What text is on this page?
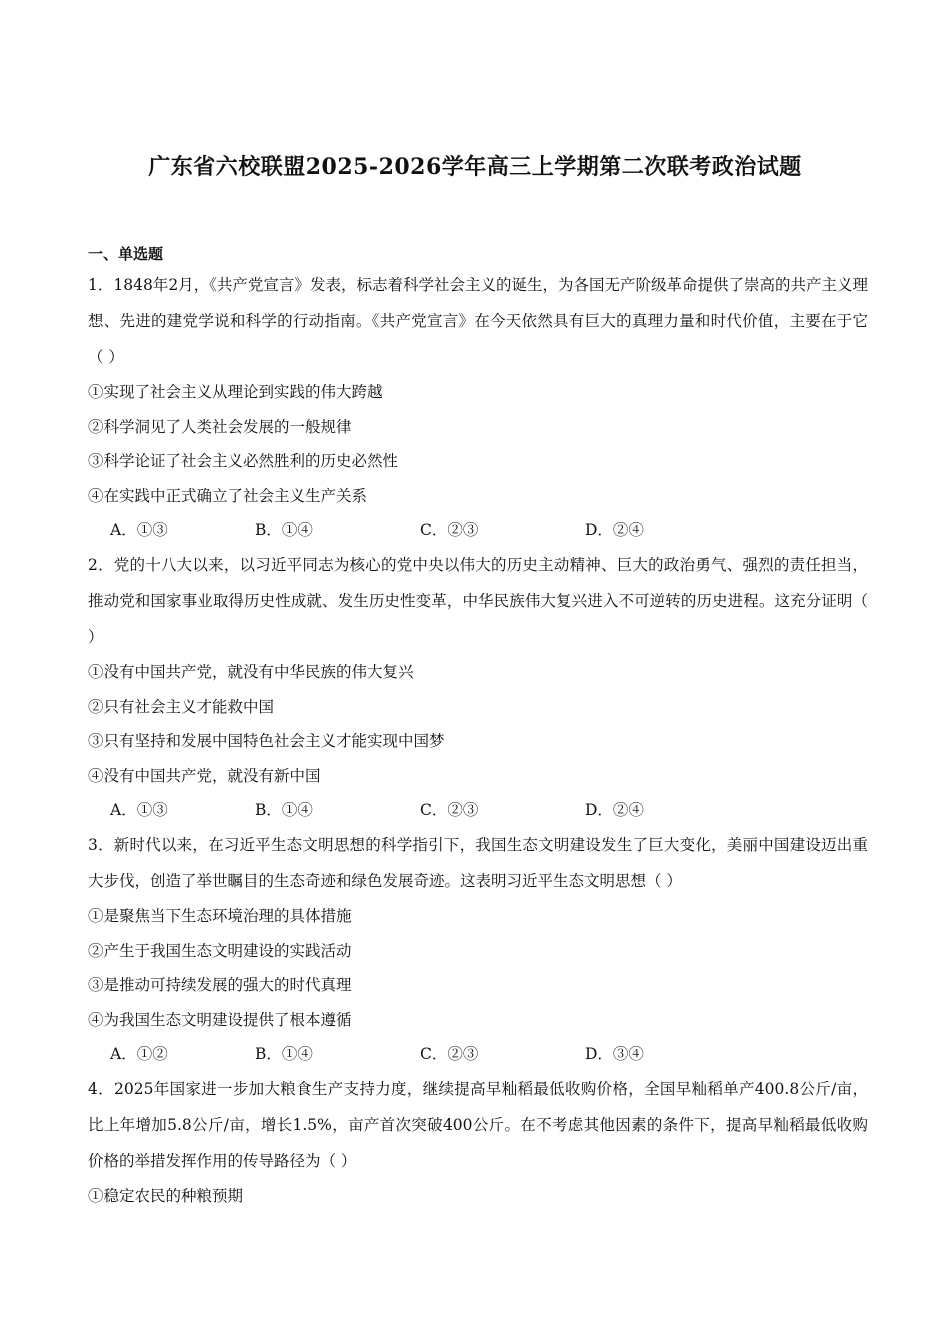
广东省六校联盟2025-2026学年高三上学期第二次联考政治试题
一、单选题

1．1848年2月，《共产党宣言》发表，标志着科学社会主义的诞生，为各国无产阶级革命提供了崇高的共产主义理想、先进的建党学说和科学的行动指南。《共产党宣言》在今天依然具有巨大的真理力量和时代价值，主要在于它（ ）

①实现了社会主义从理论到实践的伟大跨越

②科学洞见了人类社会发展的一般规律

③科学论证了社会主义必然胜利的历史必然性

④在实践中正式确立了社会主义生产关系

A．①③	B．①④	C．②③	D．②④

2．党的十八大以来，以习近平同志为核心的党中央以伟大的历史主动精神、巨大的政治勇气、强烈的责任担当，推动党和国家事业取得历史性成就、发生历史性变革，中华民族伟大复兴进入不可逆转的历史进程。这充分证明（ ）

①没有中国共产党，就没有中华民族的伟大复兴

②只有社会主义才能救中国

③只有坚持和发展中国特色社会主义才能实现中国梦

④没有中国共产党，就没有新中国

A．①③	B．①④	C．②③	D．②④

3．新时代以来，在习近平生态文明思想的科学指引下，我国生态文明建设发生了巨大变化，美丽中国建设迈出重大步伐，创造了举世瞩目的生态奇迹和绿色发展奇迹。这表明习近平生态文明思想（ ）

①是聚焦当下生态环境治理的具体措施

②产生于我国生态文明建设的实践活动

③是推动可持续发展的强大的时代真理

④为我国生态文明建设提供了根本遵循

A．①②	B．①④	C．②③	D．③④

4．2025年国家进一步加大粮食生产支持力度，继续提高早籼稻最低收购价格，全国早籼稻单产400.8公斤/亩，比上年增加5.8公斤/亩，增长1.5%，亩产首次突破400公斤。在不考虑其他因素的条件下，提高早籼稻最低收购价格的举措发挥作用的传导路径为（ ）

①稳定农民的种粮预期
